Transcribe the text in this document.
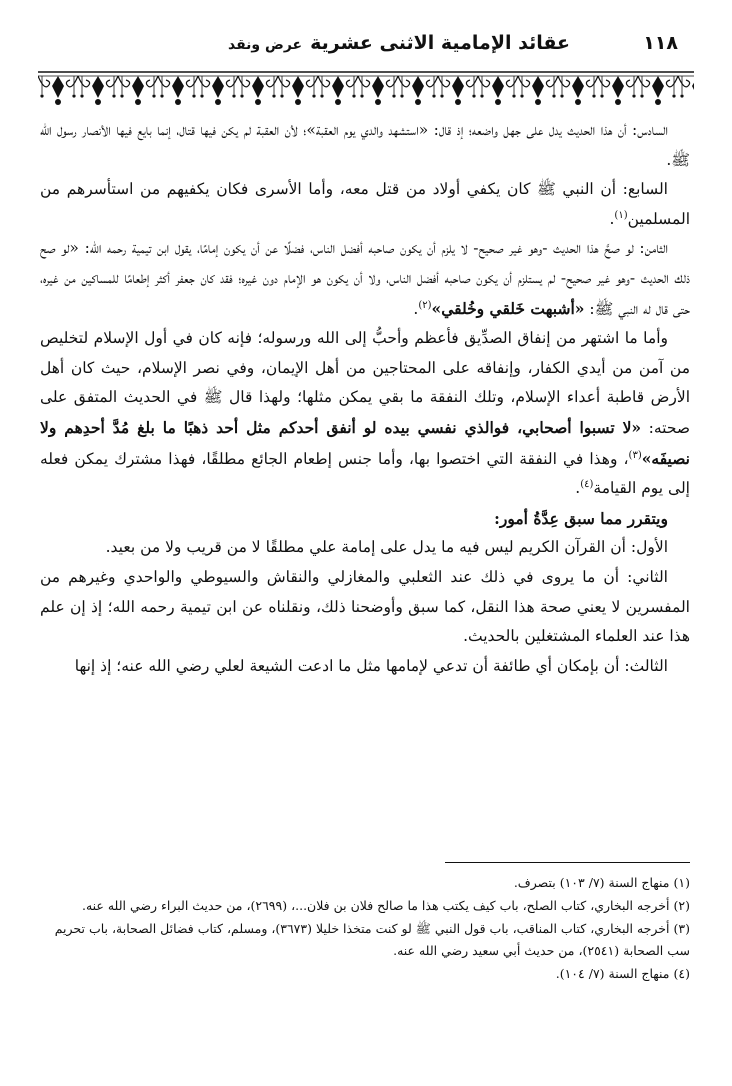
١١٨
عقائد الإمامية الاثنى عشريةعرض ونقد

السادس: أن هذا الحديث يدل على جهل واضعه؛ إذ قال: «استشهد والدي يوم العقبة»؛ لأن العقبة لم يكن فيها قتال، إنما بايع فيها الأنصار رسول الله ﷺ.

السابع: أن النبي ﷺ كان يكفي أولاد من قتل معه، وأما الأسرى فكان يكفيهم من استأسرهم من المسلمين$^{(١)}$.

الثامن: لو صحَّ هذا الحديث -وهو غير صحيح- لا يلزم أن يكون صاحبه أفضل الناس، فضلًا عن أن يكون إمامًا، يقول ابن تيمية رحمه الله: «لو صح ذلك الحديث -وهو غير صحيح- لم يستلزم أن يكون صاحبه أفضل الناس، ولا أن يكون هو الإمام دون غيره؛ فقد كان جعفر أكثر إطعامًا للمساكين من غيره، حتى قال له النبي ﷺ: «أشبهت خَلقي وخُلقي»$^{(٢)}$.

وأما ما اشتهر من إنفاق الصدِّيق فأعظم وأحبُّ إلى الله ورسوله؛ فإنه كان في أول الإسلام لتخليص من آمن من أيدي الكفار، وإنفاقه على المحتاجين من أهل الإيمان، وفي نصر الإسلام، حيث كان أهل الأرض قاطبة أعداء الإسلام، وتلك النفقة ما بقي يمكن مثلها؛ ولهذا قال ﷺ في الحديث المتفق على صحته: «لا تسبوا أصحابي، فوالذي نفسي بيده لو أنفق أحدكم مثل أحد ذهبًا ما بلغ مُدَّ أحدِهم ولا نصيفَه»$^{(٣)}$، وهذا في النفقة التي اختصوا بها، وأما جنس إطعام الجائع مطلقًا، فهذا مشترك يمكن فعله إلى يوم القيامة$^{(٤)}$.

ويتقرر مما سبق عِدَّةُ أمور:

الأول: أن القرآن الكريم ليس فيه ما يدل على إمامة علي مطلقًا لا من قريب ولا من بعيد.

الثاني: أن ما يروى في ذلك عند الثعلبي والمغازلي والنقاش والسيوطي والواحدي وغيرهم من المفسرين لا يعني صحة هذا النقل، كما سبق وأوضحنا ذلك، ونقلناه عن ابن تيمية رحمه الله؛ إذ إن علم هذا عند العلماء المشتغلين بالحديث.

الثالث: أن بإمكان أي طائفة أن تدعي لإمامها مثل ما ادعت الشيعة لعلي رضي الله عنه؛ إذ إنها

(١)منهاج السنة (٧/ ١٠٣) بتصرف.

(٢)أخرجه البخاري، كتاب الصلح، باب كيف يكتب هذا ما صالح فلان بن فلان...، (٢٦٩٩)، من حديث البراء رضي الله عنه.

(٣)أخرجه البخاري، كتاب المناقب، باب قول النبي ﷺ لو كنت متخذا خليلا (٣٦٧٣)، ومسلم، كتاب فضائل الصحابة، باب تحريم سب الصحابة (٢٥٤١)، من حديث أبي سعيد رضي الله عنه.

(٤)منهاج السنة (٧/ ١٠٤).
